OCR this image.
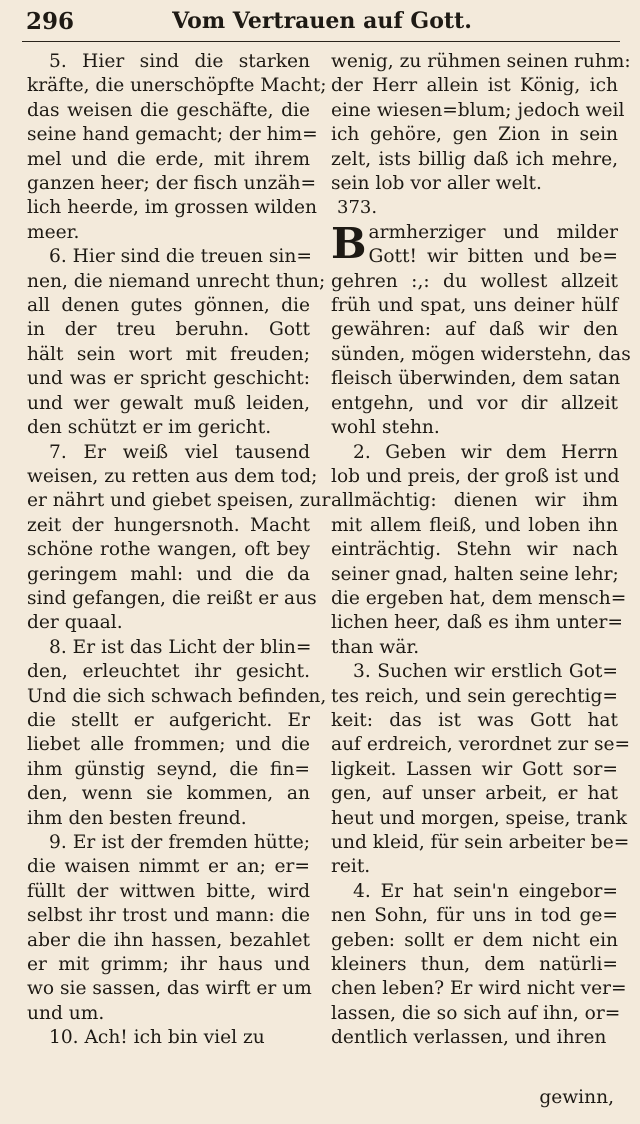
296	Vom Vertrauen auf Gott.
5. Hier sind die starken
kräfte, die unerschöpfte Macht;
das weisen die geschäfte, die
seine hand gemacht; der him=
mel und die erde, mit ihrem
ganzen heer; der fisch unzäh=
lich heerde, im grossen wilden
meer.
6. Hier sind die treuen sin=
nen, die niemand unrecht thun;
all denen gutes gönnen, die
in der treu beruhn. Gott
hält sein wort mit freuden;
und was er spricht geschicht:
und wer gewalt muß leiden,
den schützt er im gericht.
7. Er weiß viel tausend
weisen, zu retten aus dem tod;
er nährt und giebet speisen, zur
zeit der hungersnoth. Macht
schöne rothe wangen, oft bey
geringem mahl: und die da
sind gefangen, die reißt er aus
der quaal.
8. Er ist das Licht der blin=
den, erleuchtet ihr gesicht.
Und die sich schwach befinden,
die stellt er aufgericht. Er
liebet alle frommen; und die
ihm günstig seynd, die fin=
den, wenn sie kommen, an
ihm den besten freund.
9. Er ist der fremden hütte;
die waisen nimmt er an; er=
füllt der wittwen bitte, wird
selbst ihr trost und mann: die
aber die ihn hassen, bezahlet
er mit grimm; ihr haus und
wo sie sassen, das wirft er um
und um.
10. Ach! ich bin viel zu
wenig, zu rühmen seinen ruhm:
der Herr allein ist König, ich
eine wiesen=blum; jedoch weil
ich gehöre, gen Zion in sein
zelt, ists billig daß ich mehre,
sein lob vor aller welt.
373.
B armherziger und milder
Gott! wir bitten und be=
gehren :,: du wollest allzeit
früh und spat, uns deiner hülf
gewähren: auf daß wir den
sünden, mögen widerstehn, das
fleisch überwinden, dem satan
entgehn, und vor dir allzeit
wohl stehn.
2. Geben wir dem Herrn
lob und preis, der groß ist und
allmächtig: dienen wir ihm
mit allem fleiß, und loben ihn
einträchtig. Stehn wir nach
seiner gnad, halten seine lehr;
die ergeben hat, dem mensch=
lichen heer, daß es ihm unter=
than wär.
3. Suchen wir erstlich Got=
tes reich, und sein gerechtig=
keit: das ist was Gott hat
auf erdreich, verordnet zur se=
ligkeit. Lassen wir Gott sor=
gen, auf unser arbeit, er hat
heut und morgen, speise, trank
und kleid, für sein arbeiter be=
reit.
4. Er hat sein'n eingebor=
nen Sohn, für uns in tod ge=
geben: sollt er dem nicht ein
kleiners thun, dem natürli=
chen leben? Er wird nicht ver=
lassen, die so sich auf ihn, or=
dentlich verlassen, und ihren
gewinn,
